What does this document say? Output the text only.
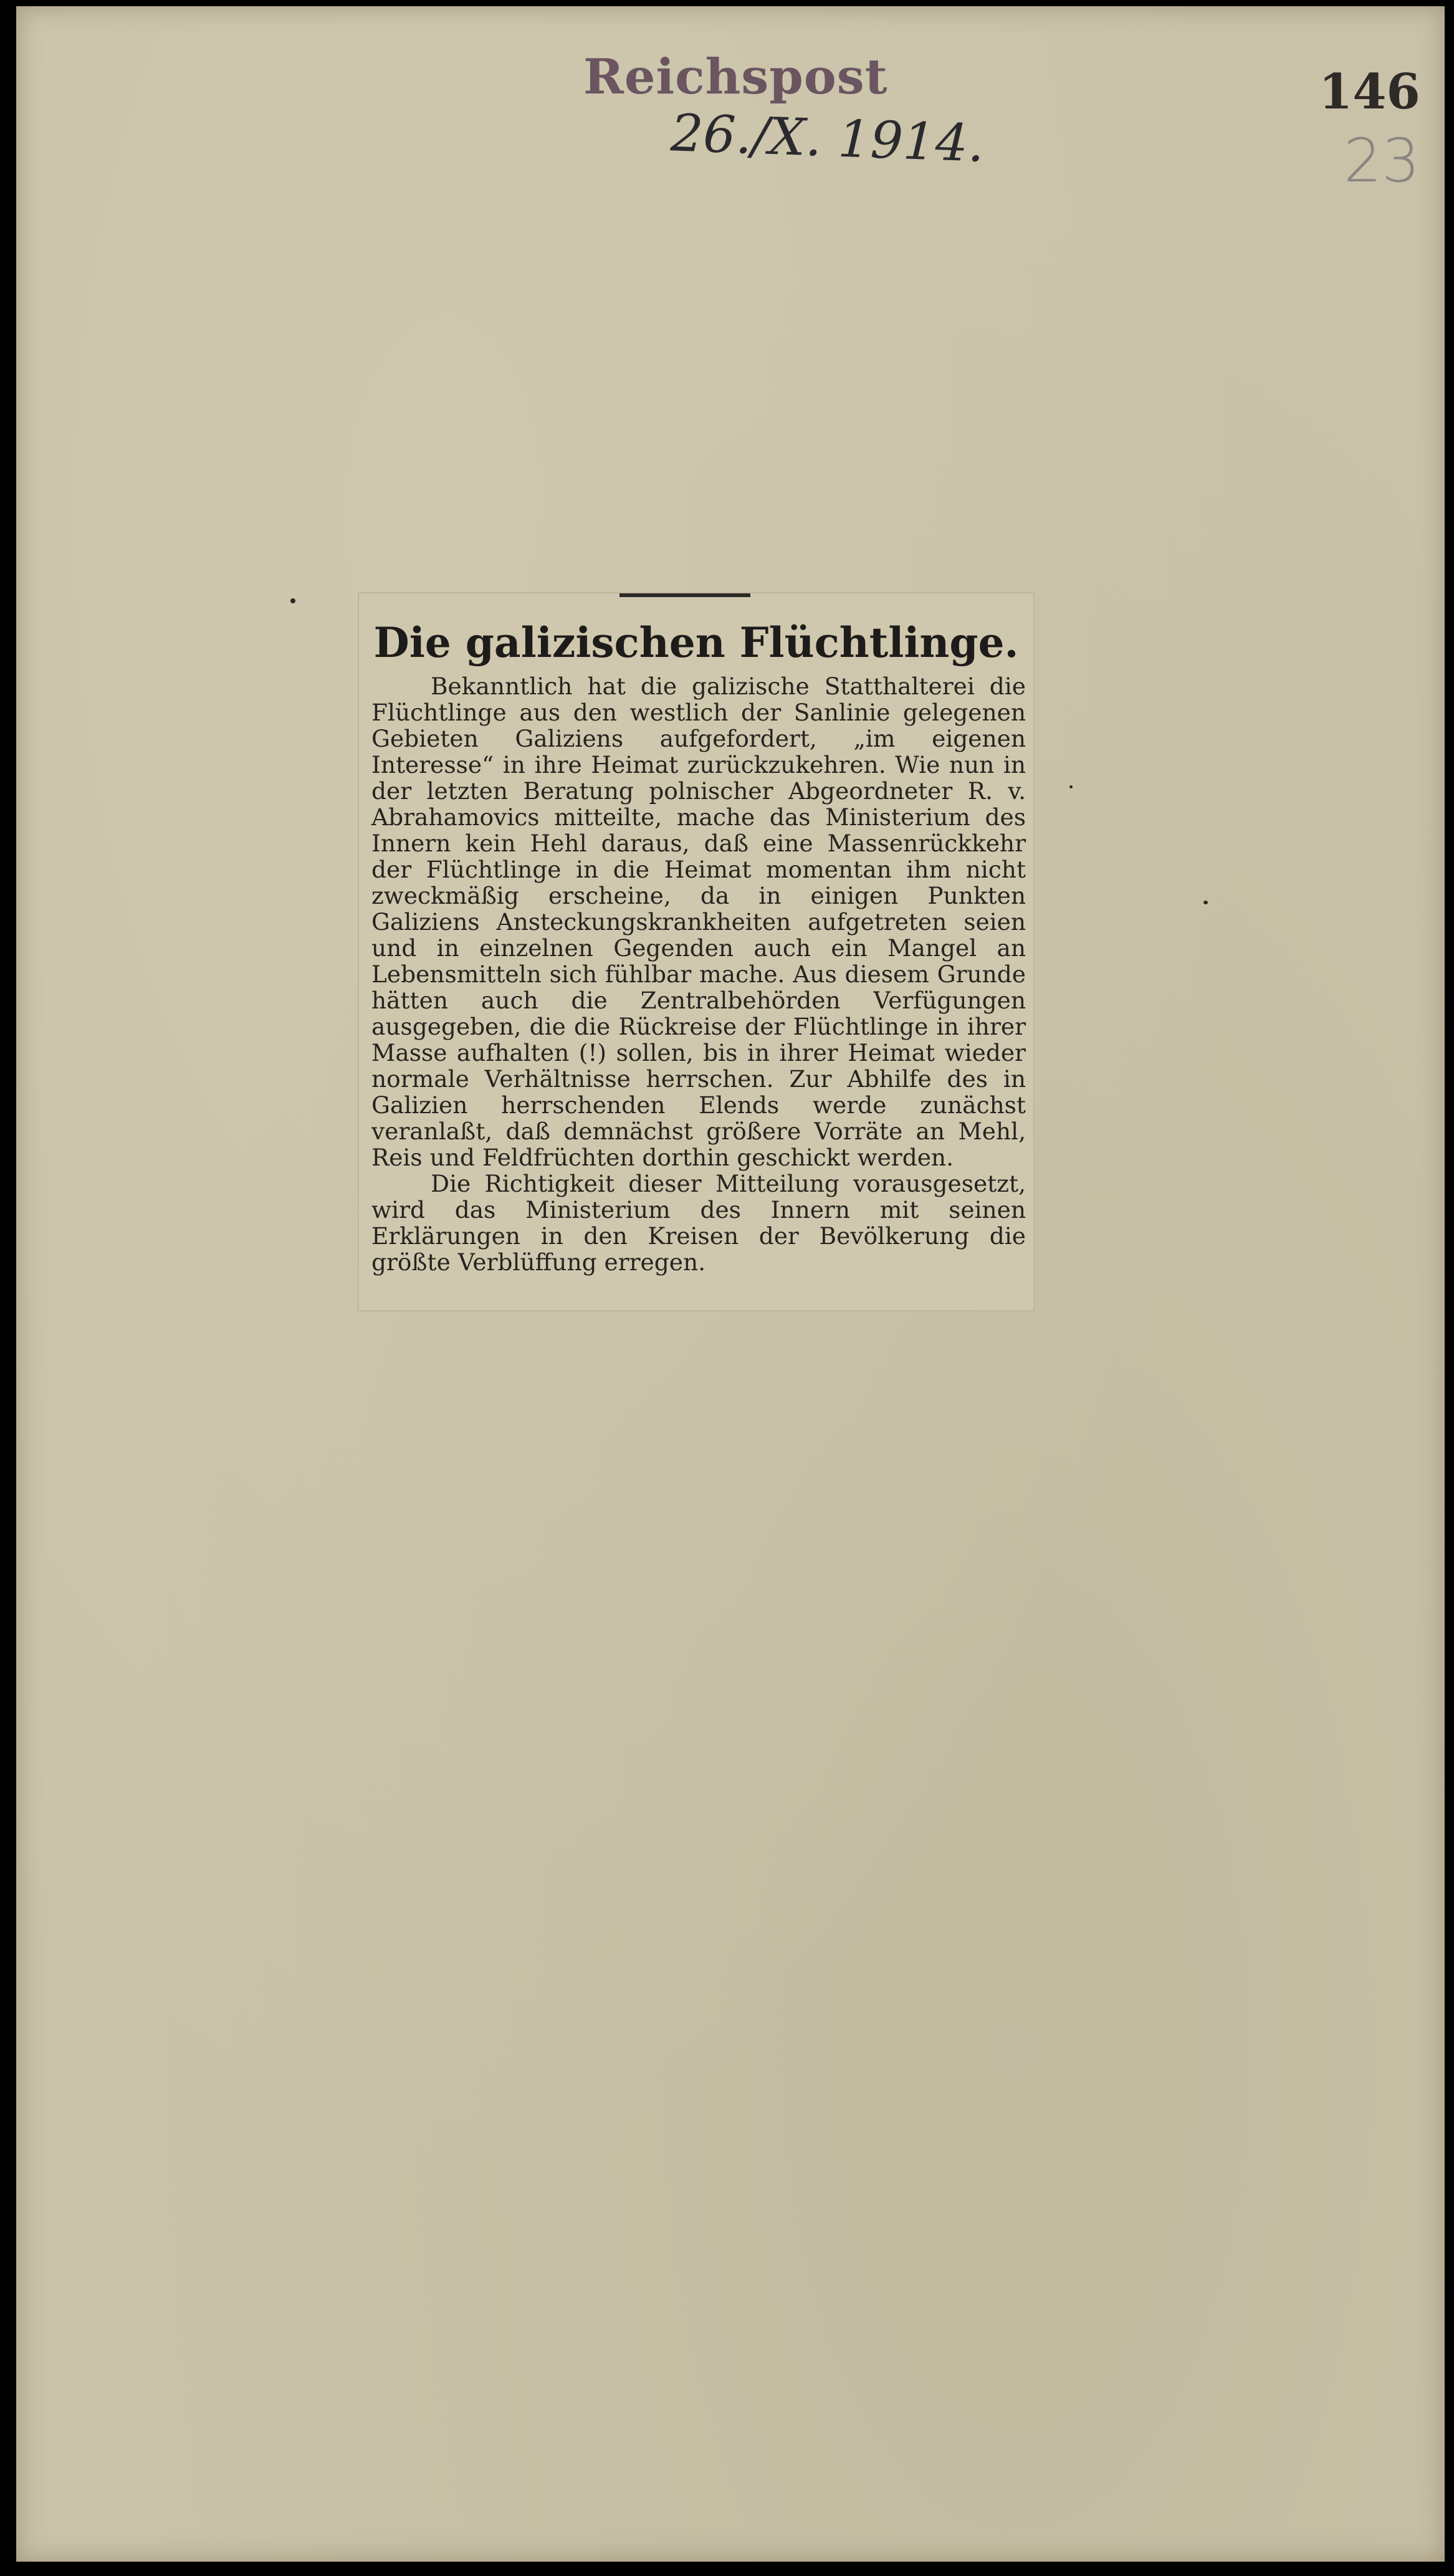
Reichspost
26./X. 1914.
146
23
Die galizischen Flüchtlinge.

Bekanntlich hat die galizische Statthalterei die Flüchtlinge aus den westlich der Sanlinie gelegenen Gebieten Galiziens aufgefordert, „im eigenen Interesse“ in ihre Heimat zurückzukehren. Wie nun in der letzten Beratung polnischer Abgeordneter R. v. Abrahamovics mitteilte, mache das Ministerium des Innern kein Hehl daraus, daß eine Massenrückkehr der Flüchtlinge in die Heimat momentan ihm nicht zweckmäßig erscheine, da in einigen Punkten Galiziens Ansteckungskrankheiten aufgetreten seien und in einzelnen Gegenden auch ein Mangel an Lebensmitteln sich fühlbar mache. Aus diesem Grunde hätten auch die Zentralbehörden Verfügungen ausgegeben, die die Rückreise der Flüchtlinge in ihrer Masse aufhalten (!) sollen, bis in ihrer Heimat wieder normale Verhältnisse herrschen. Zur Abhilfe des in Galizien herrschenden Elends werde zunächst veranlaßt, daß demnächst größere Vorräte an Mehl, Reis und Feldfrüchten dorthin geschickt werden.

Die Richtigkeit dieser Mitteilung vorausgesetzt, wird das Ministerium des Innern mit seinen Erklärungen in den Kreisen der Bevölkerung die größte Verblüffung erregen.
